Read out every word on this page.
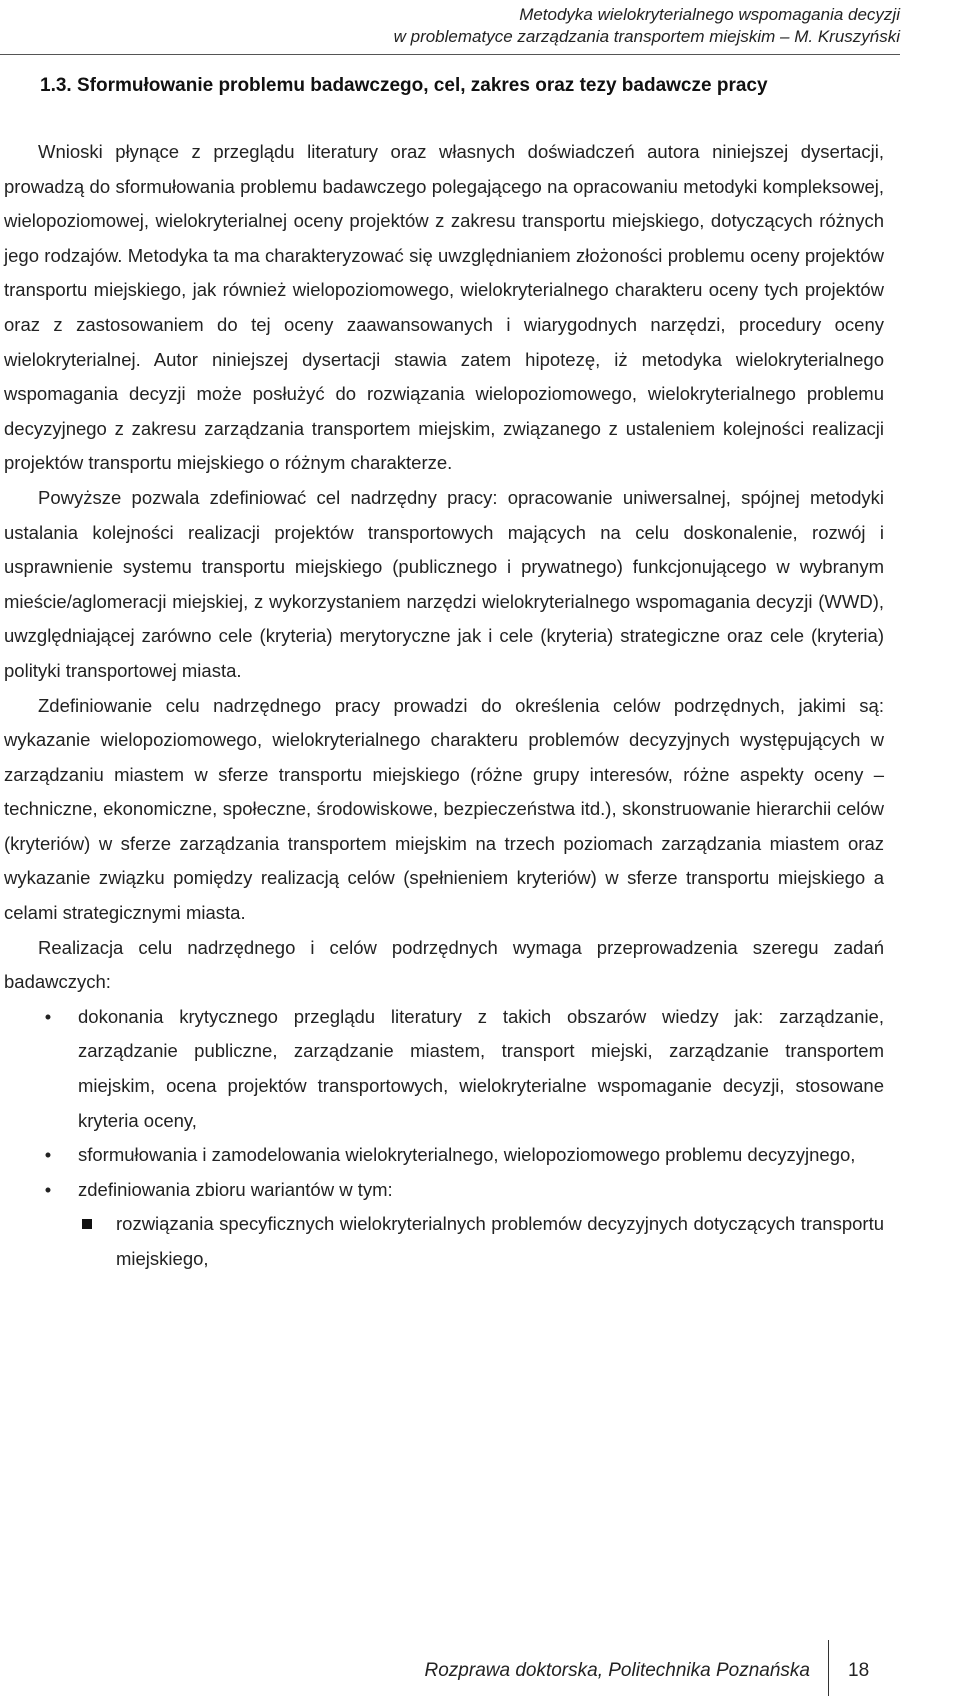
Metodyka wielokryterialnego wspomagania decyzji
w problematyce zarządzania transportem miejskim – M. Kruszyński
1.3. Sformułowanie problemu badawczego, cel, zakres oraz tezy badawcze pracy

Wnioski płynące z przeglądu literatury oraz własnych doświadczeń autora niniejszej dysertacji, prowadzą do sformułowania problemu badawczego polegającego na opracowaniu metodyki kompleksowej, wielopoziomowej, wielokryterialnej oceny projektów z zakresu transportu miejskiego, dotyczących różnych jego rodzajów. Metodyka ta ma charakteryzować się uwzględnianiem złożoności problemu oceny projektów transportu miejskiego, jak również wielopoziomowego, wielokryterialnego charakteru oceny tych projektów oraz z zastosowaniem do tej oceny zaawansowanych i wiarygodnych narzędzi, procedury oceny wielokryterialnej. Autor niniejszej dysertacji stawia zatem hipotezę, iż metodyka wielokryterialnego wspomagania decyzji może posłużyć do rozwiązania wielopoziomowego, wielokryterialnego problemu decyzyjnego z zakresu zarządzania transportem miejskim, związanego z ustaleniem kolejności realizacji projektów transportu miejskiego o różnym charakterze.

Powyższe pozwala zdefiniować cel nadrzędny pracy: opracowanie uniwersalnej, spójnej metodyki ustalania kolejności realizacji projektów transportowych mających na celu doskonalenie, rozwój i usprawnienie systemu transportu miejskiego (publicznego i prywatnego) funkcjonującego w wybranym mieście/aglomeracji miejskiej, z wykorzystaniem narzędzi wielokryterialnego wspomagania decyzji (WWD), uwzględniającej zarówno cele (kryteria) merytoryczne jak i cele (kryteria) strategiczne oraz cele (kryteria) polityki transportowej miasta.

Zdefiniowanie celu nadrzędnego pracy prowadzi do określenia celów podrzędnych, jakimi są: wykazanie wielopoziomowego, wielokryterialnego charakteru problemów decyzyjnych występujących w zarządzaniu miastem w sferze transportu miejskiego (różne grupy interesów, różne aspekty oceny – techniczne, ekonomiczne, społeczne, środowiskowe, bezpieczeństwa itd.), skonstruowanie hierarchii celów (kryteriów) w sferze zarządzania transportem miejskim na trzech poziomach zarządzania miastem oraz wykazanie związku pomiędzy realizacją celów (spełnieniem kryteriów) w sferze transportu miejskiego a celami strategicznymi miasta.

Realizacja celu nadrzędnego i celów podrzędnych wymaga przeprowadzenia szeregu zadań badawczych:

•	dokonania krytycznego przeglądu literatury z takich obszarów wiedzy jak: zarządzanie, zarządzanie publiczne, zarządzanie miastem, transport miejski, zarządzanie transportem miejskim, ocena projektów transportowych, wielokryterialne wspomaganie decyzji, stosowane kryteria oceny,
•	sformułowania i zamodelowania wielokryterialnego, wielopoziomowego problemu decyzyjnego,
•	zdefiniowania zbioru wariantów w tym:
rozwiązania specyficznych wielokryterialnych problemów decyzyjnych dotyczących transportu miejskiego,
Rozprawa doktorska, Politechnika Poznańska 18
